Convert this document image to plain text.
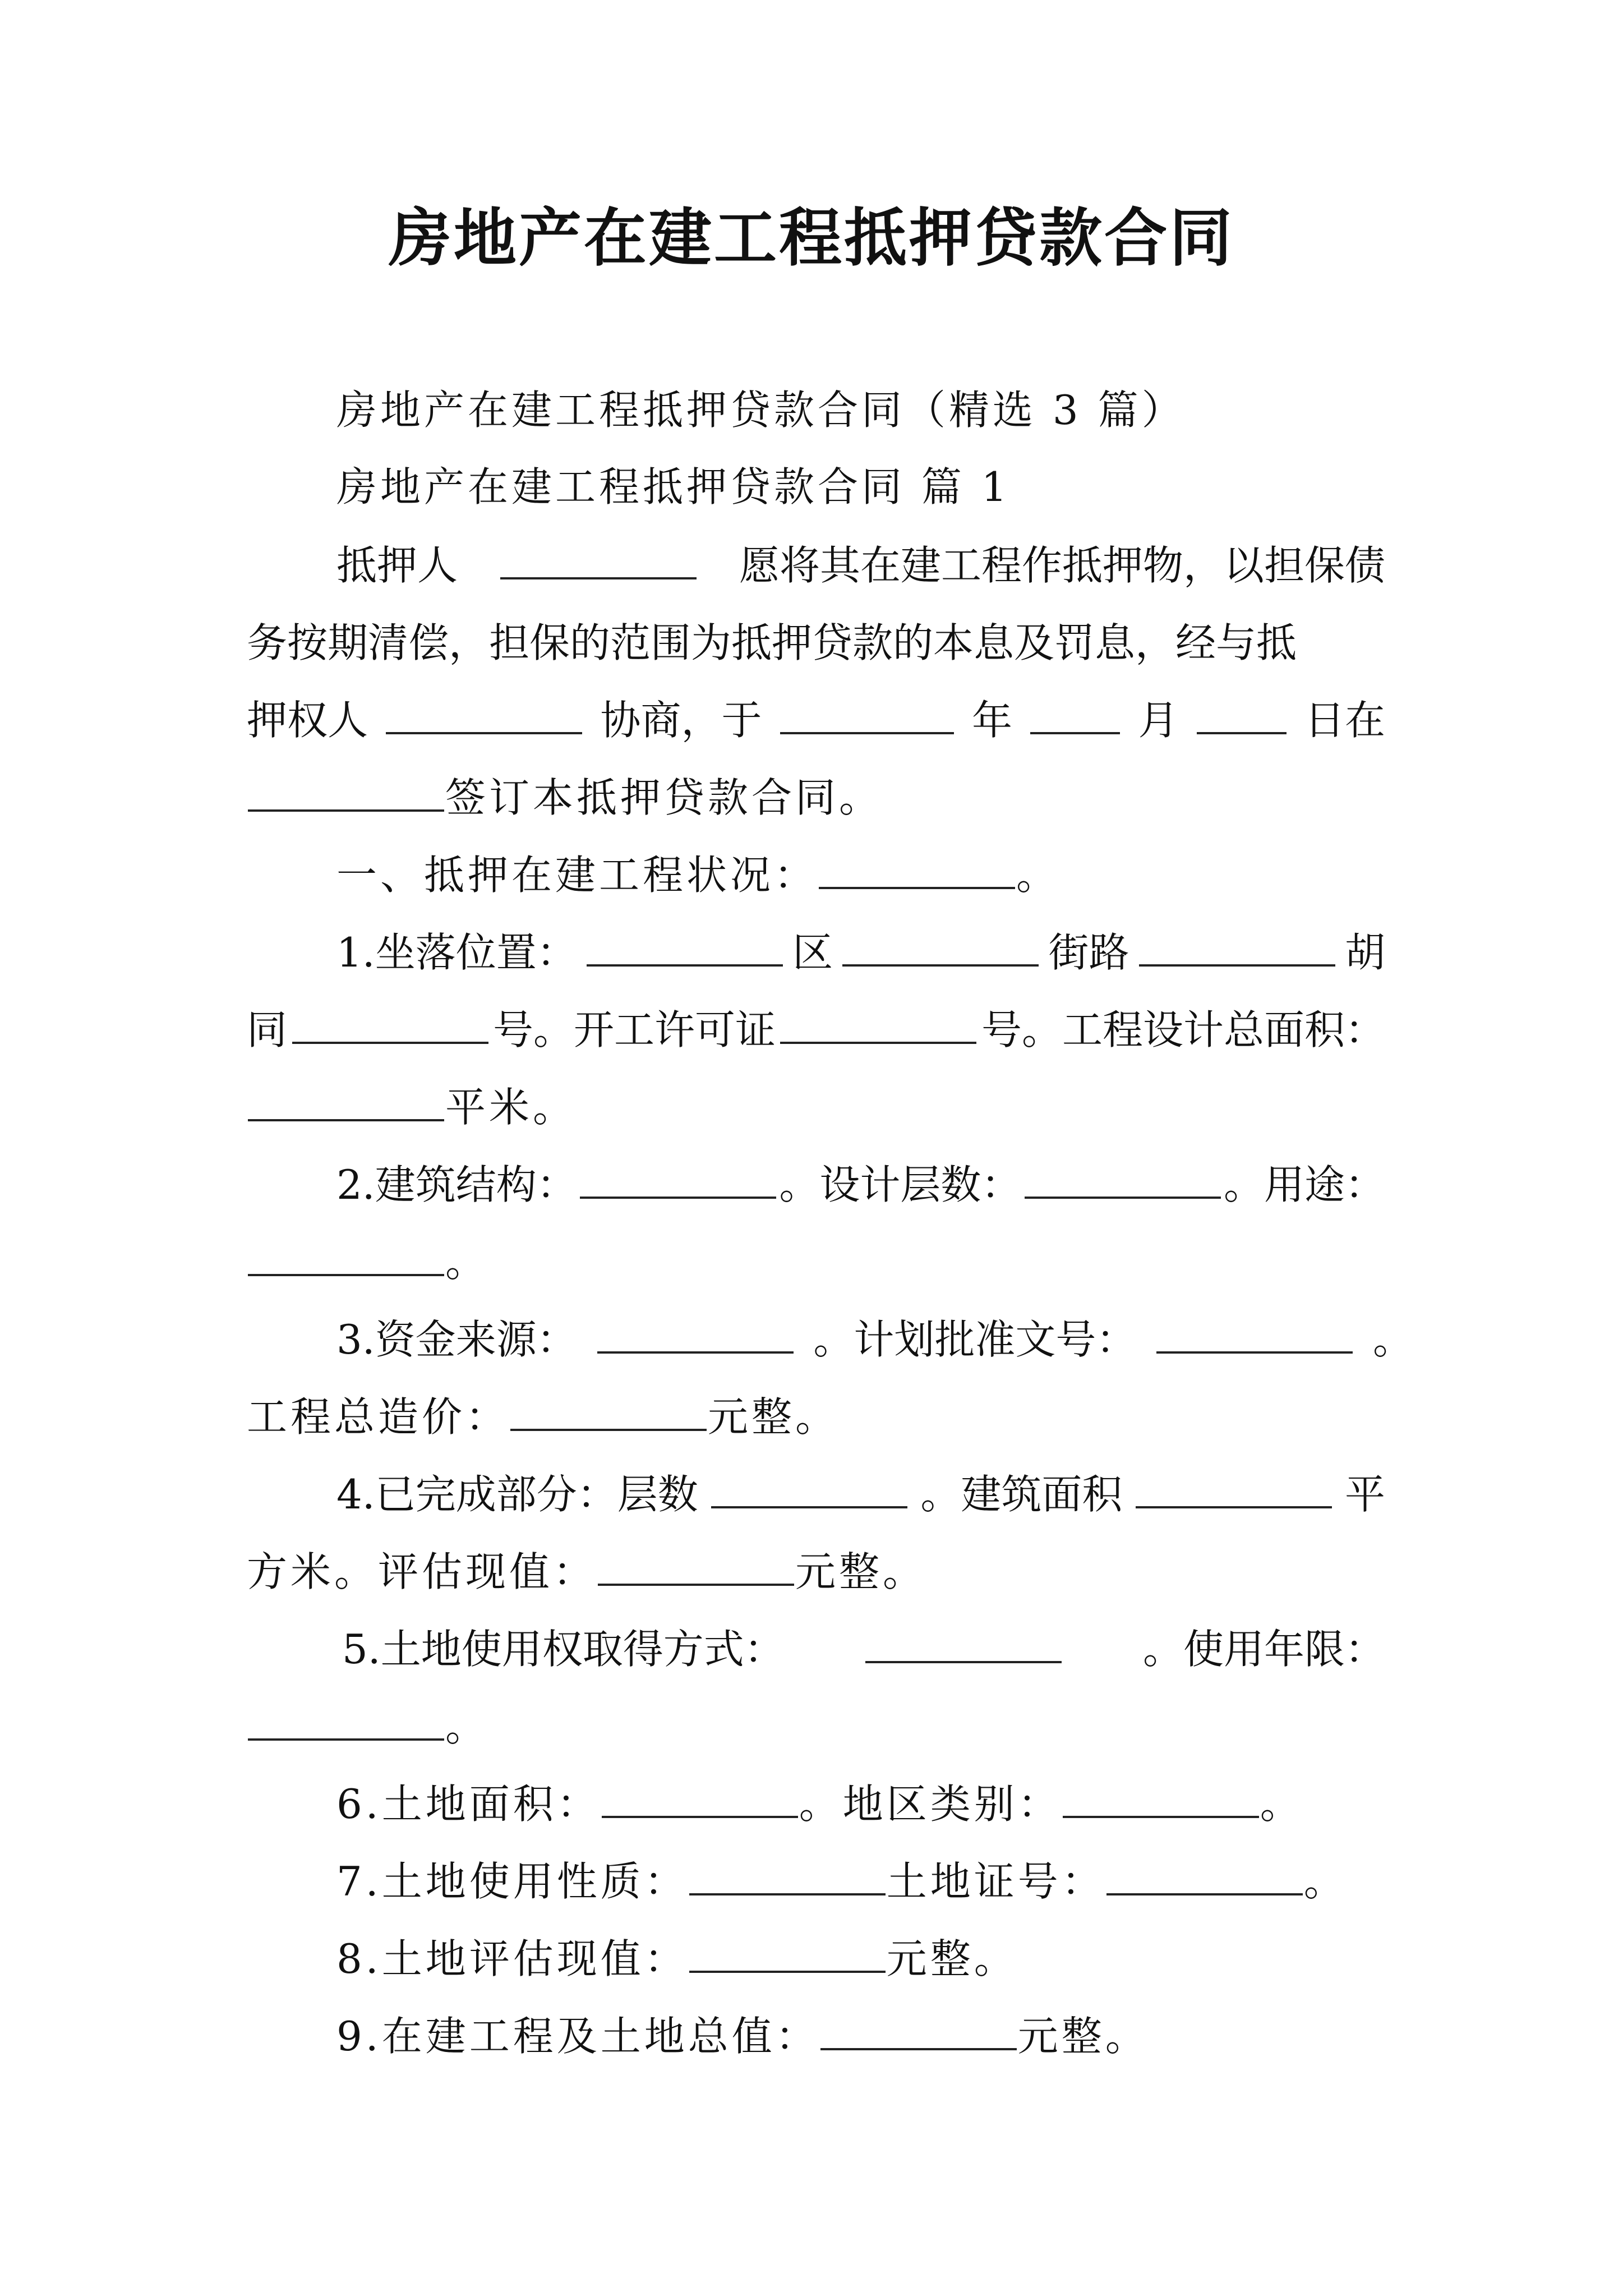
房地产在建工程抵押贷款合同
房地产在建工程抵押贷款合同（精选 3 篇）
房地产在建工程抵押贷款合同 篇 1
抵押人	愿将其在建工程作抵押物，以担保债
务按期清偿，担保的范围为抵押贷款的本息及罚息，经与抵
押权人	协商，于	年	月	日在
签订本抵押贷款合同。
一、抵押在建工程状况：	。
1.坐落位置：	区	街路	胡
同	号。开工许可证	号。工程设计总面积：
平米。
2.建筑结构：	。设计层数：	。用途：
。
3.资金来源：	。计划批准文号：	。
工程总造价：	元整。
4.已完成部分：层数	。建筑面积	平
方米。评估现值：	元整。
5.土地使用权取得方式：	。使用年限：
。
6.土地面积：	。地区类别：	。
7.土地使用性质：	土地证号：	。
8.土地评估现值：	元整。
9.在建工程及土地总值：	元整。
